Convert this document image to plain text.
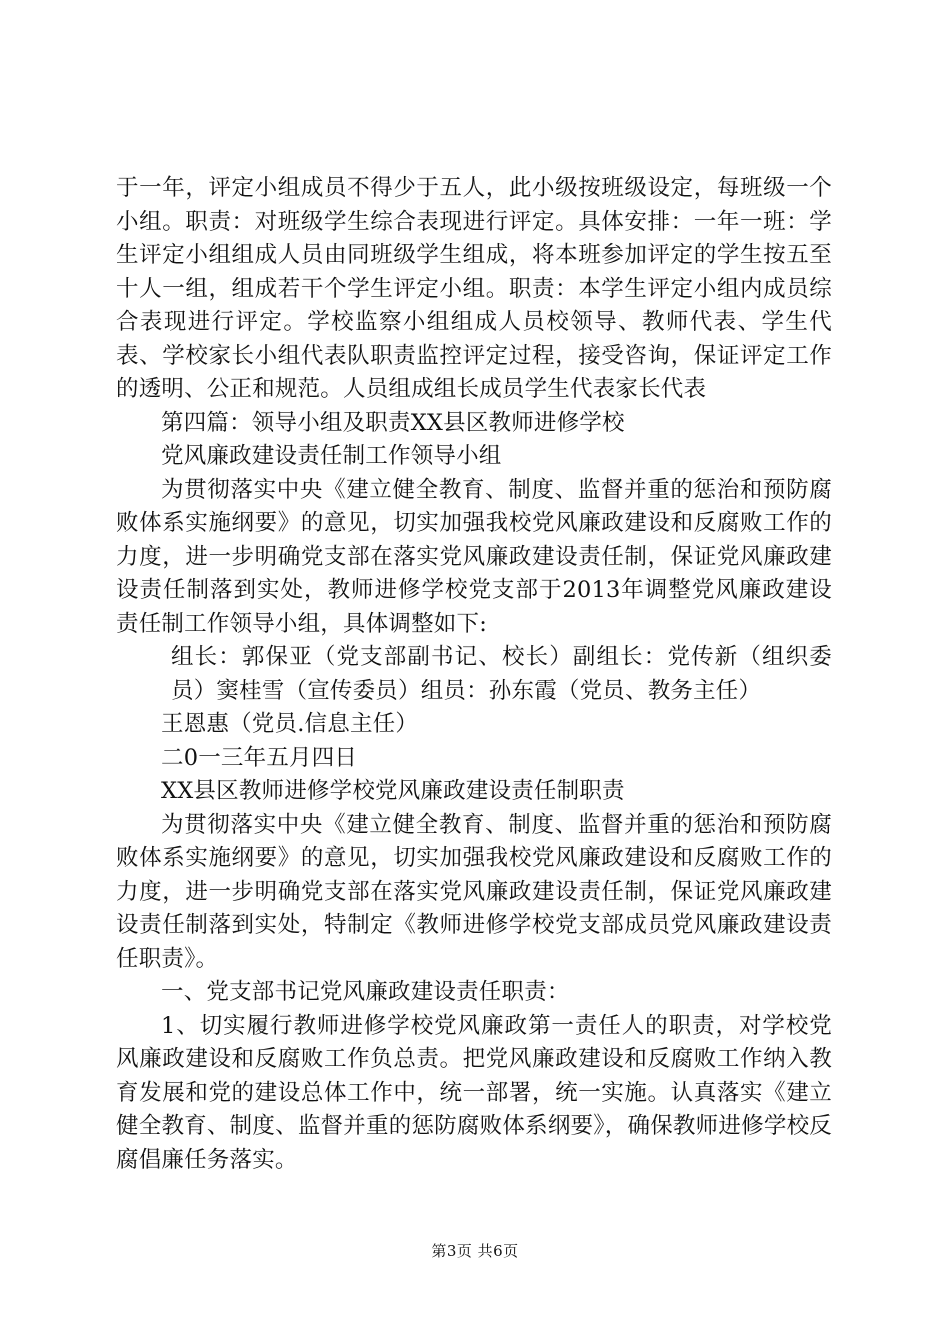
于一年，评定小组成员不得少于五人，此小级按班级设定，每班级一个小组。职责：对班级学生综合表现进行评定。具体安排：一年一班：学生评定小组组成人员由同班级学生组成，将本班参加评定的学生按五至十人一组，组成若干个学生评定小组。职责：本学生评定小组内成员综合表现进行评定。学校监察小组组成人员校领导、教师代表、学生代表、学校家长小组代表队职责监控评定过程，接受咨询，保证评定工作的透明、公正和规范。人员组成组长成员学生代表家长代表

第四篇：领导小组及职责XX县区教师进修学校

党风廉政建设责任制工作领导小组

为贯彻落实中央《建立健全教育、制度、监督并重的惩治和预防腐败体系实施纲要》的意见，切实加强我校党风廉政建设和反腐败工作的力度，进一步明确党支部在落实党风廉政建设责任制，保证党风廉政建设责任制落到实处，教师进修学校党支部于2013年调整党风廉政建设责任制工作领导小组，具体调整如下:

组长：郭保亚（党支部副书记、校长）副组长：党传新（组织委员）窦桂雪（宣传委员）组员：孙东霞（党员、教务主任）

王恩惠（党员.信息主任）

二0一三年五月四日

XX县区教师进修学校党风廉政建设责任制职责

为贯彻落实中央《建立健全教育、制度、监督并重的惩治和预防腐败体系实施纲要》的意见，切实加强我校党风廉政建设和反腐败工作的力度，进一步明确党支部在落实党风廉政建设责任制，保证党风廉政建设责任制落到实处，特制定《教师进修学校党支部成员党风廉政建设责任职责》。

一、党支部书记党风廉政建设责任职责：

1、切实履行教师进修学校党风廉政第一责任人的职责，对学校党风廉政建设和反腐败工作负总责。把党风廉政建设和反腐败工作纳入教育发展和党的建设总体工作中，统一部署，统一实施。认真落实《建立健全教育、制度、监督并重的惩防腐败体系纲要》，确保教师进修学校反腐倡廉任务落实。

第3页 共6页
